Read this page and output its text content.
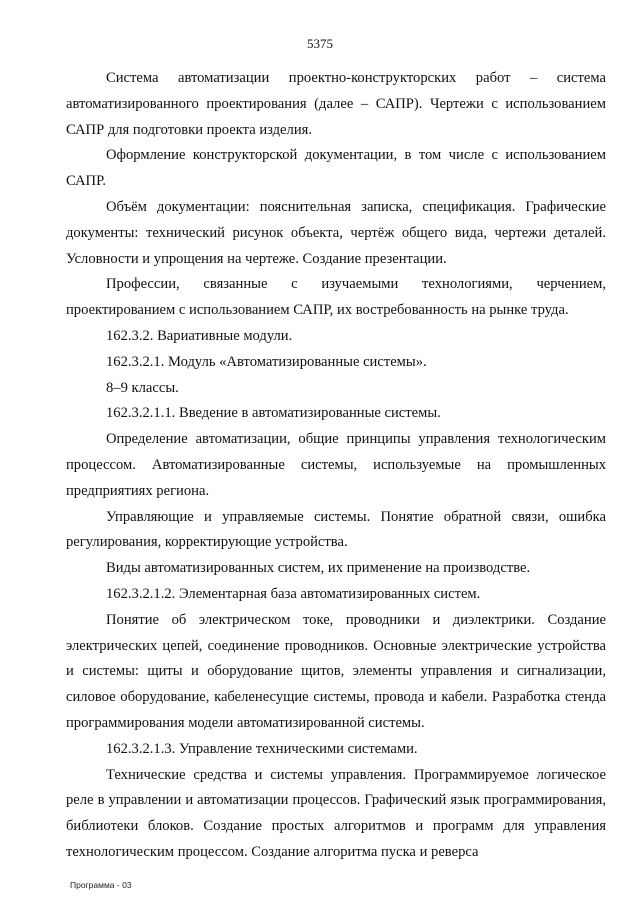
5375

Система автоматизации проектно-конструкторских работ – система автоматизированного проектирования (далее – САПР). Чертежи с использованием САПР для подготовки проекта изделия.

Оформление конструкторской документации, в том числе с использованием САПР.

Объём документации: пояснительная записка, спецификация. Графические документы: технический рисунок объекта, чертёж общего вида, чертежи деталей. Условности и упрощения на чертеже. Создание презентации.

Профессии, связанные с изучаемыми технологиями, черчением, проектированием с использованием САПР, их востребованность на рынке труда.

162.3.2. Вариативные модули.

162.3.2.1. Модуль «Автоматизированные системы».

8–9 классы.

162.3.2.1.1. Введение в автоматизированные системы.

Определение автоматизации, общие принципы управления технологическим процессом. Автоматизированные системы, используемые на промышленных предприятиях региона.

Управляющие и управляемые системы. Понятие обратной связи, ошибка регулирования, корректирующие устройства.

Виды автоматизированных систем, их применение на производстве.

162.3.2.1.2. Элементарная база автоматизированных систем.

Понятие об электрическом токе, проводники и диэлектрики. Создание электрических цепей, соединение проводников. Основные электрические устройства и системы: щиты и оборудование щитов, элементы управления и сигнализации, силовое оборудование, кабеленесущие системы, провода и кабели. Разработка стенда программирования модели автоматизированной системы.

162.3.2.1.3. Управление техническими системами.

Технические средства и системы управления. Программируемое логическое реле в управлении и автоматизации процессов. Графический язык программирования, библиотеки блоков. Создание простых алгоритмов и программ для управления технологическим процессом. Создание алгоритма пуска и реверса

Программа - 03
